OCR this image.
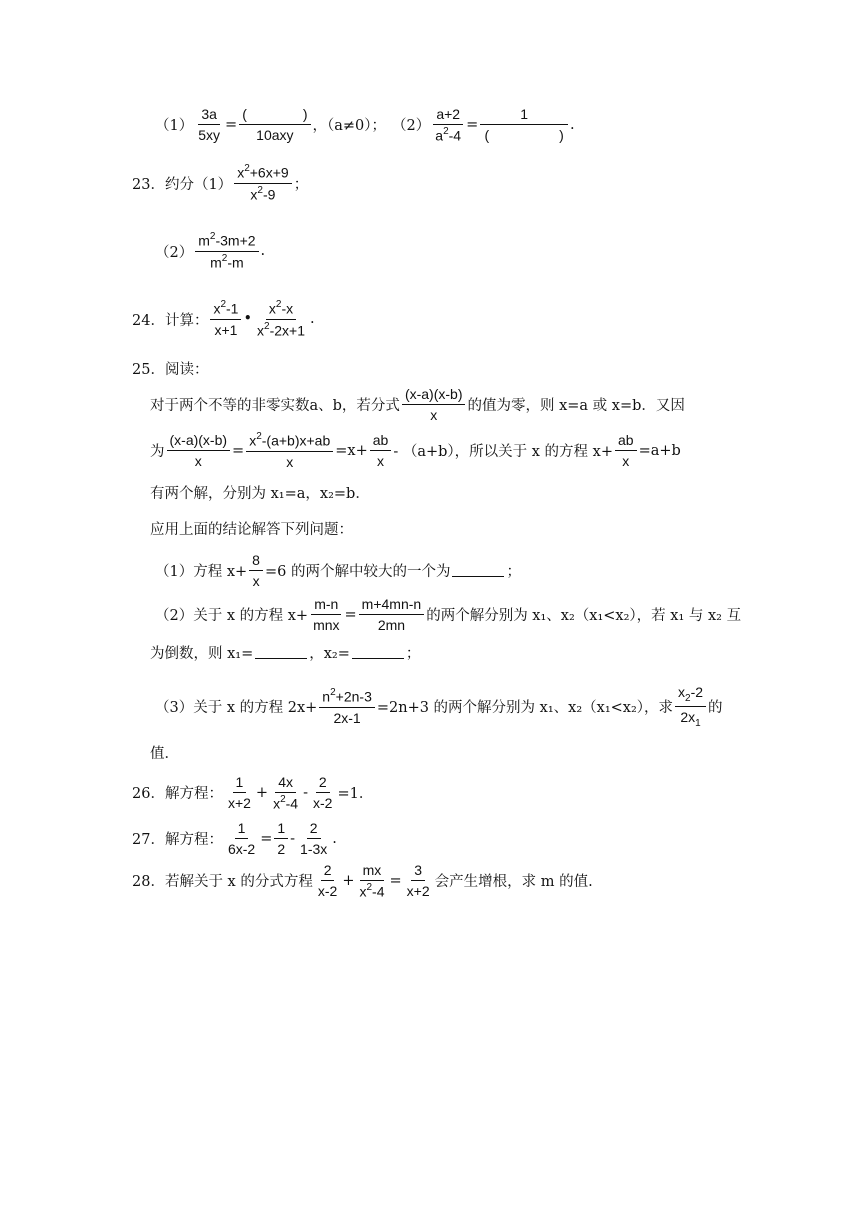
$(1) \frac{3a}{5xy} = \frac{( )}{\text{10axy}}$ ，（a≠0）； $(2) \frac{a+2}{a^2-4} = \frac{1}{( )}$ .
23．约分$(1) \frac{x^2+6x+9}{x^2-9}$ ；
$(2) \frac{m^2-3m+2}{m^2-m}$ .
24．计算： $\frac{x^2-1}{x+1}$ • $\frac{x^2-x}{x^2-2x+1}$ .
25．阅读：
对于两个不等的非零实数 a、b，若分式 $\frac{(x-a)(x-b)}{x}$ 的值为零，则 x=a 或 x=b．又因
为 $\frac{(x-a)(x-b)}{x} = \frac{x^2-(a+b)x+ab}{x} =x+ \frac{ab}{x} - (a+b)$，所以关于 x 的方程 $x+ \frac{ab}{x} =a+b$
有两个解，分别为 x₁=a，x₂=b．
应用上面的结论解答下列问题：
（1）方程 $x+ \frac{8}{x} =6$ 的两个解中较大的一个为	；
（2）关于 x 的方程 $x+ \frac{m-n}{\text{mnx}} = \frac{m+4mn-n}{2mn}$ 的两个解分别为 x₁、x₂（x₁<x₂），若 x₁ 与 x₂ 互
为倒数，则 x₁=	，x₂=	；
（3）关于 x 的方程 $2x+ \frac{n^2+2n-3}{2x-1} =2n+3$ 的两个解分别为 x₁、x₂（x₁<x₂），求 $\frac{x_2-2}{2x_1}$ 的
值．
26．解方程： $\frac{1}{x+2} + \frac{4x}{x^2-4} - \frac{2}{x-2} =1$．
27．解方程： $\frac{1}{6x-2} = \frac{1}{2} - \frac{2}{1-3x}$ .
28．若解关于 x 的分式方程 $\frac{2}{x-2} + \frac{mx}{x^2-4} = \frac{3}{x+2}$ 会产生增根，求 m 的值.
